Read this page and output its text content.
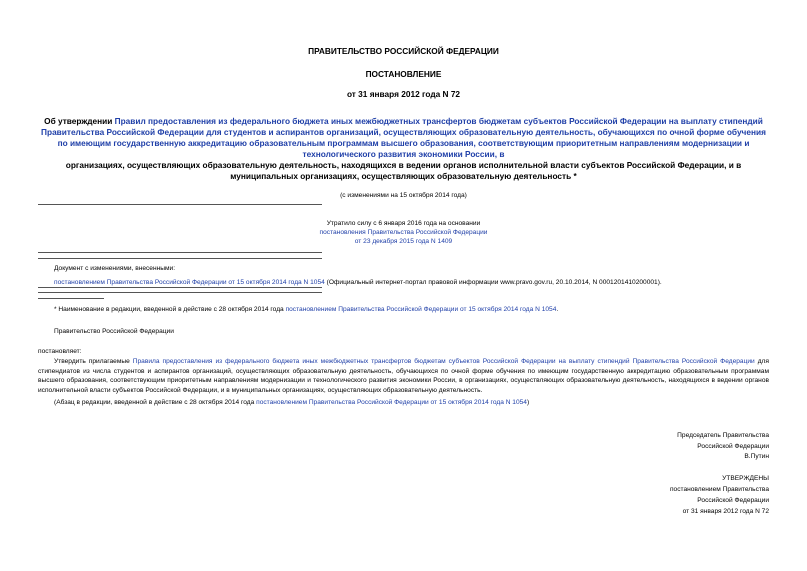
ПРАВИТЕЛЬСТВО РОССИЙСКОЙ ФЕДЕРАЦИИ
ПОСТАНОВЛЕНИЕ
от 31 января 2012 года N 72
Об утверждении Правил предоставления из федерального бюджета иных межбюджетных трансфертов бюджетам субъектов Российской Федерации на выплату стипендий Правительства Российской Федерации для студентов и аспирантов организаций, осуществляющих образовательную деятельность, обучающихся по очной форме обучения по имеющим государственную аккредитацию образовательным программам высшего образования, соответствующим приоритетным направлениям модернизации и технологического развития экономики России, в
организациях, осуществляющих образовательную деятельность, находящихся в ведении органов исполнительной власти субъектов Российской Федерации, и в муниципальных организациях, осуществляющих образовательную деятельность *
(с изменениями на 15 октября 2014 года)
Утратило силу с 6 января 2016 года на основании
постановления Правительства Российской Федерации
от 23 декабря 2015 года N 1409
Документ с изменениями, внесенными:
постановлением Правительства Российской Федерации от 15 октября 2014 года N 1054 (Официальный интернет-портал правовой информации www.pravo.gov.ru, 20.10.2014, N 0001201410200001).
* Наименование в редакции, введенной в действие с 28 октября 2014 года постановлением Правительства Российской Федерации от 15 октября 2014 года N 1054.
Правительство Российской Федерации
постановляет:
Утвердить прилагаемые Правила предоставления из федерального бюджета иных межбюджетных трансфертов бюджетам субъектов Российской Федерации на выплату стипендий Правительства Российской Федерации для стипендиатов из числа студентов и аспирантов организаций, осуществляющих образовательную деятельность, обучающихся по очной форме обучения по имеющим государственную аккредитацию образовательным программам высшего образования, соответствующим приоритетным направлениям модернизации и технологического развития экономики России, в организациях, осуществляющих образовательную деятельность, находящихся в ведении органов исполнительной власти субъектов Российской Федерации, и в муниципальных организациях, осуществляющих образовательную деятельность.
(Абзац в редакции, введенной в действие с 28 октября 2014 года постановлением Правительства Российской Федерации от 15 октября 2014 года N 1054)
Председатель Правительства
Российской Федерации
В.Путин
УТВЕРЖДЕНЫ
постановлением Правительства
Российской Федерации
от 31 января 2012 года N 72
